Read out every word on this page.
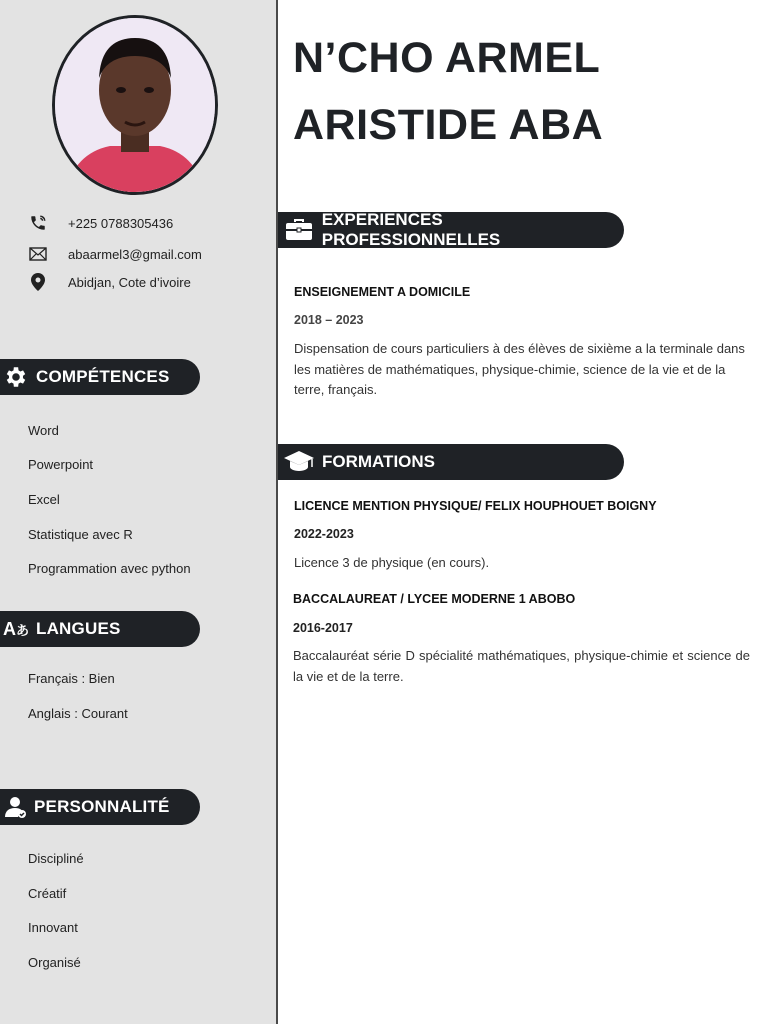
+225 0788305436
abaarmel3@gmail.com
Abidjan, Cote d’ivoire
COMPÉTENCES
Word
Powerpoint
Excel
Statistique avec R
Programmation avec python
A あ LANGUES
Français : Bien
Anglais : Courant
PERSONNALITÉ
Discipliné
Créatif
Innovant
Organisé
N’CHO ARMEL
ARISTIDE ABA
EXPERIENCES PROFESSIONNELLES
ENSEIGNEMENT A DOMICILE
2018 – 2023
Dispensation de cours particuliers à des élèves de sixième a la terminale dans les matières de mathématiques, physique-chimie, science de la vie et de la terre, français.
FORMATIONS
LICENCE MENTION PHYSIQUE/ FELIX HOUPHOUET BOIGNY
2022-2023
Licence 3 de physique (en cours).
BACCALAUREAT / LYCEE MODERNE 1 ABOBO
2016-2017
Baccalauréat série D spécialité mathématiques, physique-chimie et science de la vie et de la terre.
